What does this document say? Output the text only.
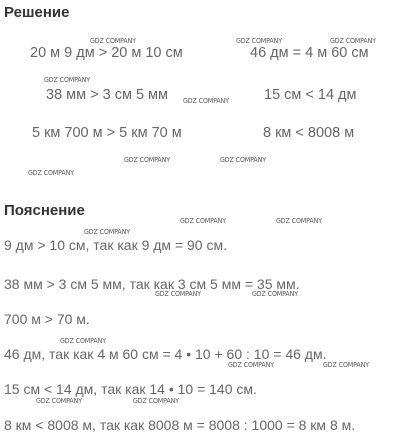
Решение
Пояснение
20 м 9 дм > 20 м 10 см	46 дм = 4 м 60 см
38 мм > 3 см 5 мм	15 см < 14 дм
5 км 700 м > 5 км 70 м	8 км < 8008 м
9 дм > 10 см, так как 9 дм = 90 см.
38 мм > 3 см 5 мм, так как 3 см 5 мм = 35 мм.
700 м > 70 м.
46 дм, так как 4 м 60 см = 4 • 10 + 60 : 10 = 46 дм.
15 см < 14 дм, так как 14 • 10 = 140 см.
8 км < 8008 м, так как 8008 м = 8008 : 1000 = 8 км 8 м.
GDZ COMPANY	GDZ COMPANY	GDZ COMPANY
GDZ COMPANY
GDZ COMPANY
GDZ COMPANY	GDZ COMPANY
GDZ COMPANY
GDZ COMPANY	GDZ COMPANY
GDZ COMPANY
GDZ COMPANY	GDZ COMPANY
GDZ COMPANY
GDZ COMPANY	GDZ COMPANY
GDZ COMPANY	GDZ COMPANY
